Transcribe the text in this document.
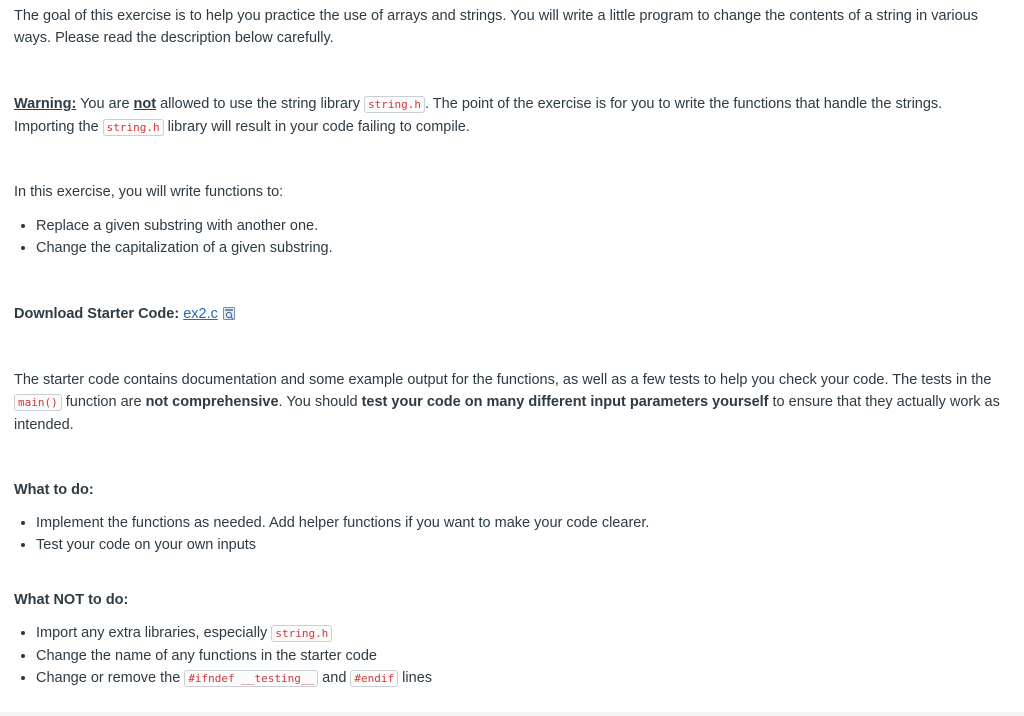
The goal of this exercise is to help you practice the use of arrays and strings. You will write a little program to change the contents of a string in various ways. Please read the description below carefully.

Warning: You are not allowed to use the string library string.h . The point of the exercise is for you to write the functions that handle the strings. Importing the string.h library will result in your code failing to compile.

In this exercise, you will write functions to:

• Replace a given substring with another one.
• Change the capitalization of a given substring.

Download Starter Code: ex2.c

The starter code contains documentation and some example output for the functions, as well as a few tests to help you check your code. The tests in the main() function are not comprehensive. You should test your code on many different input parameters yourself to ensure that they actually work as intended.

What to do:

• Implement the functions as needed. Add helper functions if you want to make your code clearer.
• Test your code on your own inputs

What NOT to do:

• Import any extra libraries, especially string.h
• Change the name of any functions in the starter code
• Change or remove the #ifndef __testing__ and #endif lines
